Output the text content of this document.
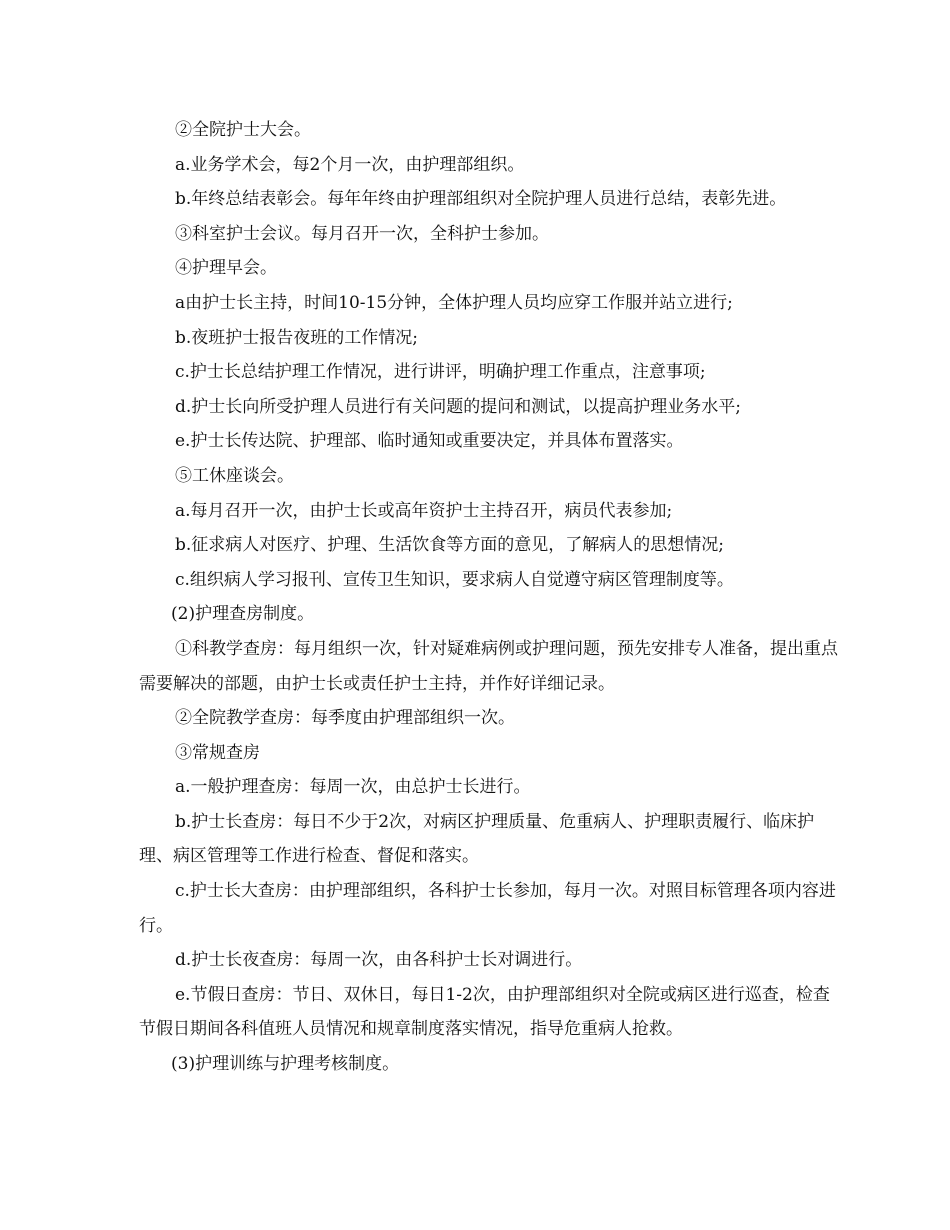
②全院护士大会。

a.业务学术会，每2个月一次，由护理部组织。

b.年终总结表彰会。每年年终由护理部组织对全院护理人员进行总结，表彰先进。

③科室护士会议。每月召开一次，全科护士参加。

④护理早会。

a由护士长主持，时间10-15分钟，全体护理人员均应穿工作服并站立进行;

b.夜班护士报告夜班的工作情况;

c.护士长总结护理工作情况，进行讲评，明确护理工作重点，注意事项;

d.护士长向所受护理人员进行有关问题的提问和测试，以提高护理业务水平;

e.护士长传达院、护理部、临时通知或重要决定，并具体布置落实。

⑤工休座谈会。

a.每月召开一次，由护士长或高年资护士主持召开，病员代表参加;

b.征求病人对医疗、护理、生活饮食等方面的意见，了解病人的思想情况;

c.组织病人学习报刊、宣传卫生知识，要求病人自觉遵守病区管理制度等。

(2)护理查房制度。

①科教学查房：每月组织一次，针对疑难病例或护理问题，预先安排专人准备，提出重点需要解决的部题，由护士长或责任护士主持，并作好详细记录。

②全院教学查房：每季度由护理部组织一次。

③常规查房

a.一般护理查房：每周一次，由总护士长进行。

b.护士长查房：每日不少于2次，对病区护理质量、危重病人、护理职责履行、临床护理、病区管理等工作进行检查、督促和落实。

c.护士长大查房：由护理部组织，各科护士长参加，每月一次。对照目标管理各项内容进行。

d.护士长夜查房：每周一次，由各科护士长对调进行。

e.节假日查房：节日、双休日，每日1-2次，由护理部组织对全院或病区进行巡查，检查节假日期间各科值班人员情况和规章制度落实情况，指导危重病人抢救。

(3)护理训练与护理考核制度。
